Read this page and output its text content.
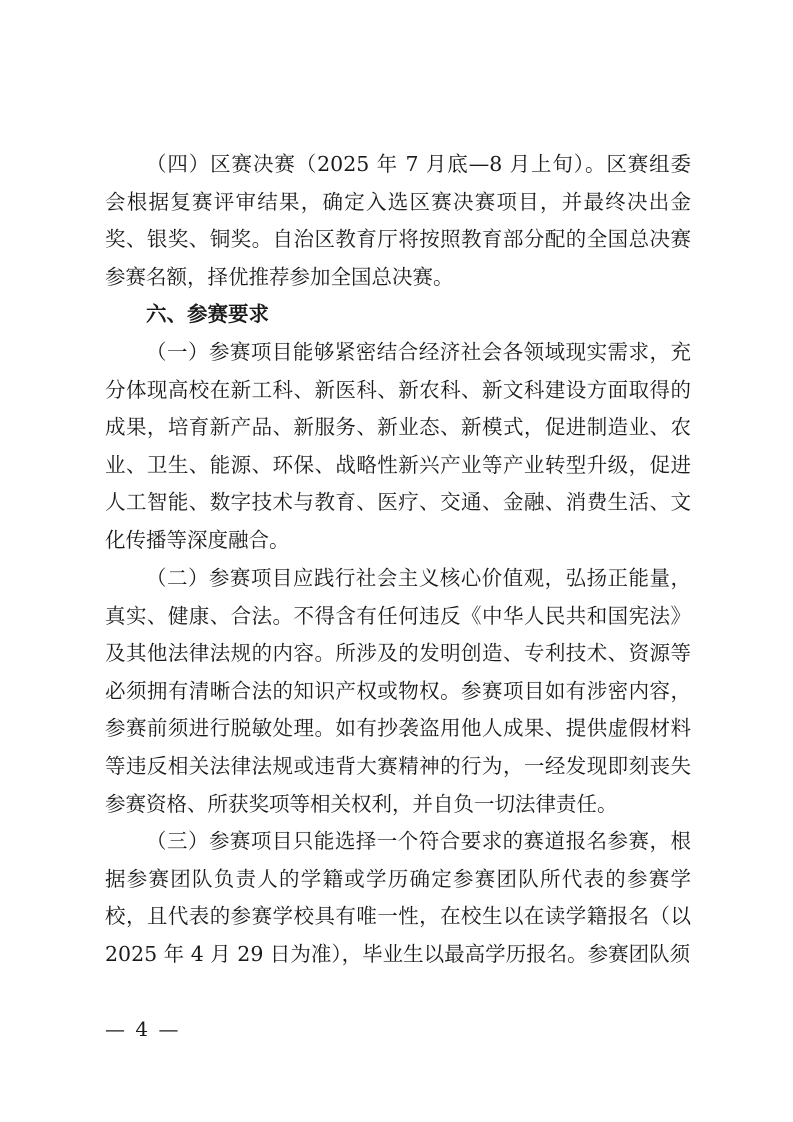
（四）区赛决赛（2025 年 7 月底—8 月上旬）。区赛组委会根据复赛评审结果，确定入选区赛决赛项目，并最终决出金奖、银奖、铜奖。自治区教育厅将按照教育部分配的全国总决赛参赛名额，择优推荐参加全国总决赛。

六、参赛要求

（一）参赛项目能够紧密结合经济社会各领域现实需求，充分体现高校在新工科、新医科、新农科、新文科建设方面取得的成果，培育新产品、新服务、新业态、新模式，促进制造业、农业、卫生、能源、环保、战略性新兴产业等产业转型升级，促进人工智能、数字技术与教育、医疗、交通、金融、消费生活、文化传播等深度融合。

（二）参赛项目应践行社会主义核心价值观，弘扬正能量，真实、健康、合法。不得含有任何违反《中华人民共和国宪法》及其他法律法规的内容。所涉及的发明创造、专利技术、资源等必须拥有清晰合法的知识产权或物权。参赛项目如有涉密内容，参赛前须进行脱敏处理。如有抄袭盗用他人成果、提供虚假材料等违反相关法律法规或违背大赛精神的行为，一经发现即刻丧失参赛资格、所获奖项等相关权利，并自负一切法律责任。

（三）参赛项目只能选择一个符合要求的赛道报名参赛，根据参赛团队负责人的学籍或学历确定参赛团队所代表的参赛学校，且代表的参赛学校具有唯一性，在校生以在读学籍报名（以 2025 年 4 月 29 日为准），毕业生以最高学历报名。参赛团队须

— 4 —
